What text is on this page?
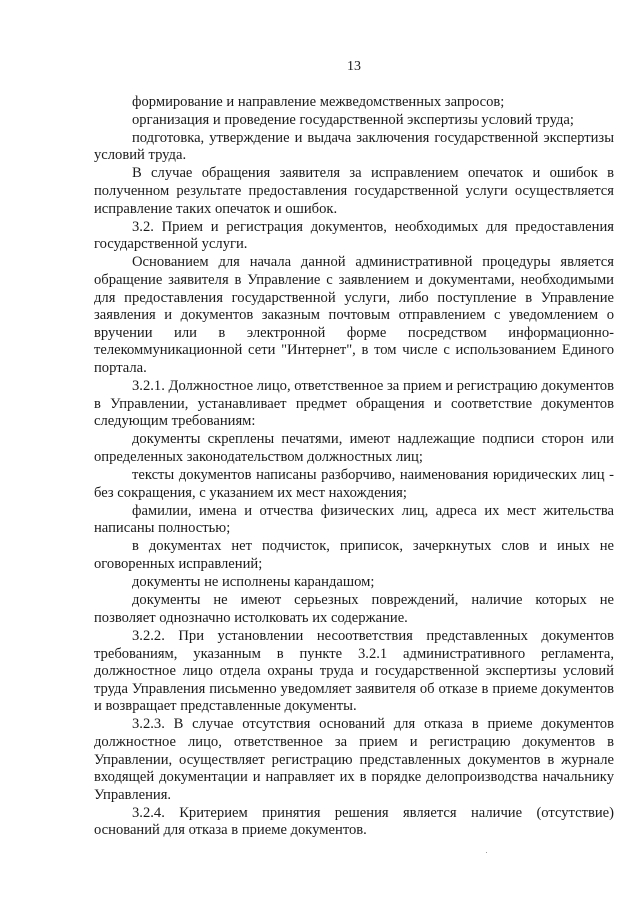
13

формирование и направление межведомственных запросов;

организация и проведение государственной экспертизы условий труда;

подготовка, утверждение и выдача заключения государственной экспертизы условий труда.

В случае обращения заявителя за исправлением опечаток и ошибок в полученном результате предоставления государственной услуги осуществляется исправление таких опечаток и ошибок.

3.2. Прием и регистрация документов, необходимых для предоставления государственной услуги.

Основанием для начала данной административной процедуры является обращение заявителя в Управление с заявлением и документами, необходимыми для предоставления государственной услуги, либо поступление в Управление заявления и документов заказным почтовым отправлением с уведомлением о вручении или в электронной форме посредством информационно-телекоммуникационной сети "Интернет", в том числе с использованием Единого портала.

3.2.1. Должностное лицо, ответственное за прием и регистрацию документов в Управлении, устанавливает предмет обращения и соответствие документов следующим требованиям:

документы скреплены печатями, имеют надлежащие подписи сторон или определенных законодательством должностных лиц;

тексты документов написаны разборчиво, наименования юридических лиц - без сокращения, с указанием их мест нахождения;

фамилии, имена и отчества физических лиц, адреса их мест жительства написаны полностью;

в документах нет подчисток, приписок, зачеркнутых слов и иных не оговоренных исправлений;

документы не исполнены карандашом;

документы не имеют серьезных повреждений, наличие которых не позволяет однозначно истолковать их содержание.

3.2.2. При установлении несоответствия представленных документов требованиям, указанным в пункте 3.2.1 административного регламента, должностное лицо отдела охраны труда и государственной экспертизы условий труда Управления письменно уведомляет заявителя об отказе в приеме документов и возвращает представленные документы.

3.2.3. В случае отсутствия оснований для отказа в приеме документов должностное лицо, ответственное за прием и регистрацию документов в Управлении, осуществляет регистрацию представленных документов в журнале входящей документации и направляет их в порядке делопроизводства начальнику Управления.

3.2.4. Критерием принятия решения является наличие (отсутствие) оснований для отказа в приеме документов.
